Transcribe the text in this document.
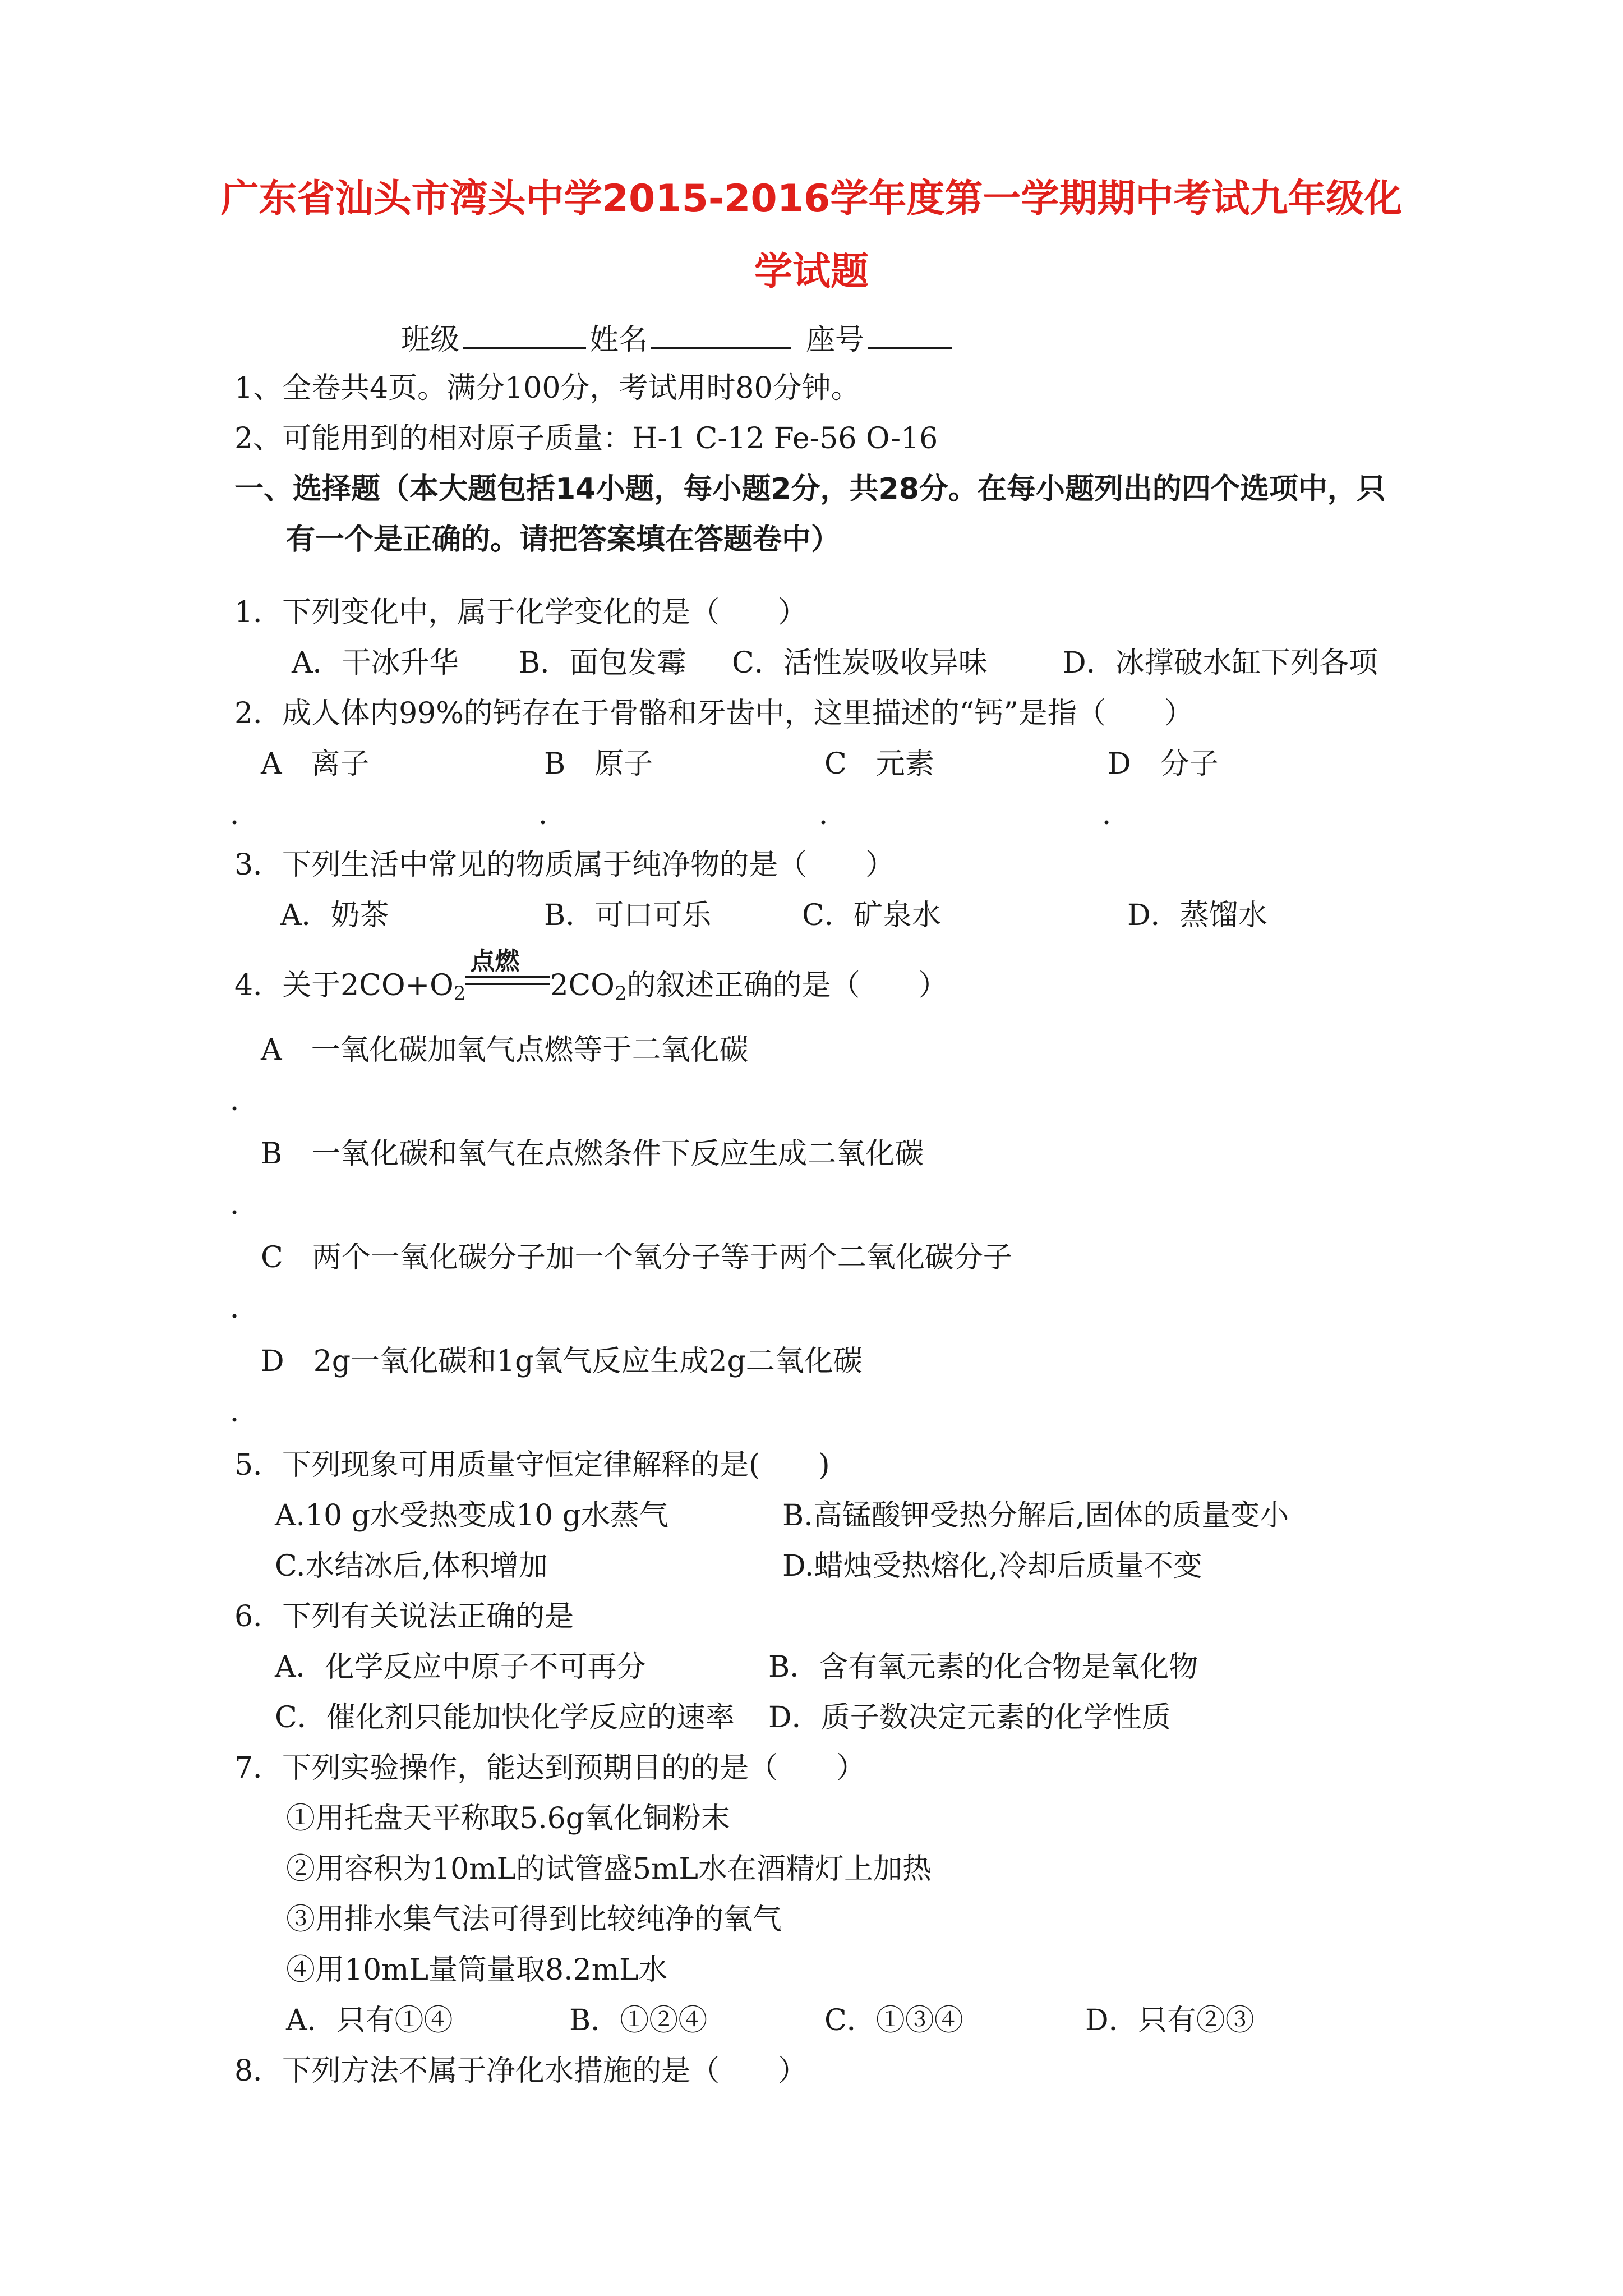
广东省汕头市湾头中学2015-2016学年度第一学期期中考试九年级化
学试题
班级	姓名	座号
1、全卷共4页。满分100分，考试用时80分钟。
2、可能用到的相对原子质量：H-1 C-12 Fe-56 O-16
一、选择题（本大题包括14小题，每小题2分，共28分。在每小题列出的四个选项中，只
有一个是正确的。请把答案填在答题卷中）
1．下列变化中，属于化学变化的是（　　）
A．干冰升华 B．面包发霉 C．活性炭吸收异味	D．冰撑破水缸下列各项
2．成人体内99%的钙存在于骨骼和牙齿中，这里描述的“钙”是指（　　）
A　离子	B　原子	C　元素	D　分子
．	．	．	．
3．下列生活中常见的物质属于纯净物的是（　　）
A．奶茶	B．可口可乐	C．矿泉水	D．蒸馏水
4．关于$2CO+O_2$
点燃
$2CO_2$的叙述正确的是（　　）
A　一氧化碳加氧气点燃等于二氧化碳
．
B　一氧化碳和氧气在点燃条件下反应生成二氧化碳
．
C　两个一氧化碳分子加一个氧分子等于两个二氧化碳分子
．
D　2g一氧化碳和1g氧气反应生成2g二氧化碳
．
5．下列现象可用质量守恒定律解释的是(　　)
A.10 g水受热变成10 g水蒸气	B.高锰酸钾受热分解后,固体的质量变小
C.水结冰后,体积增加	D.蜡烛受热熔化,冷却后质量不变
6．下列有关说法正确的是
A．化学反应中原子不可再分	B．含有氧元素的化合物是氧化物
C．催化剂只能加快化学反应的速率 D．质子数决定元素的化学性质
7．下列实验操作，能达到预期目的的是（　　）
①用托盘天平称取5.6g氧化铜粉末
②用容积为10mL的试管盛5mL水在酒精灯上加热
③用排水集气法可得到比较纯净的氧气
④用10mL量筒量取8.2mL水
A．只有①④	B．①②④	C．①③④	D．只有②③
8．下列方法不属于净化水措施的是（　　）
